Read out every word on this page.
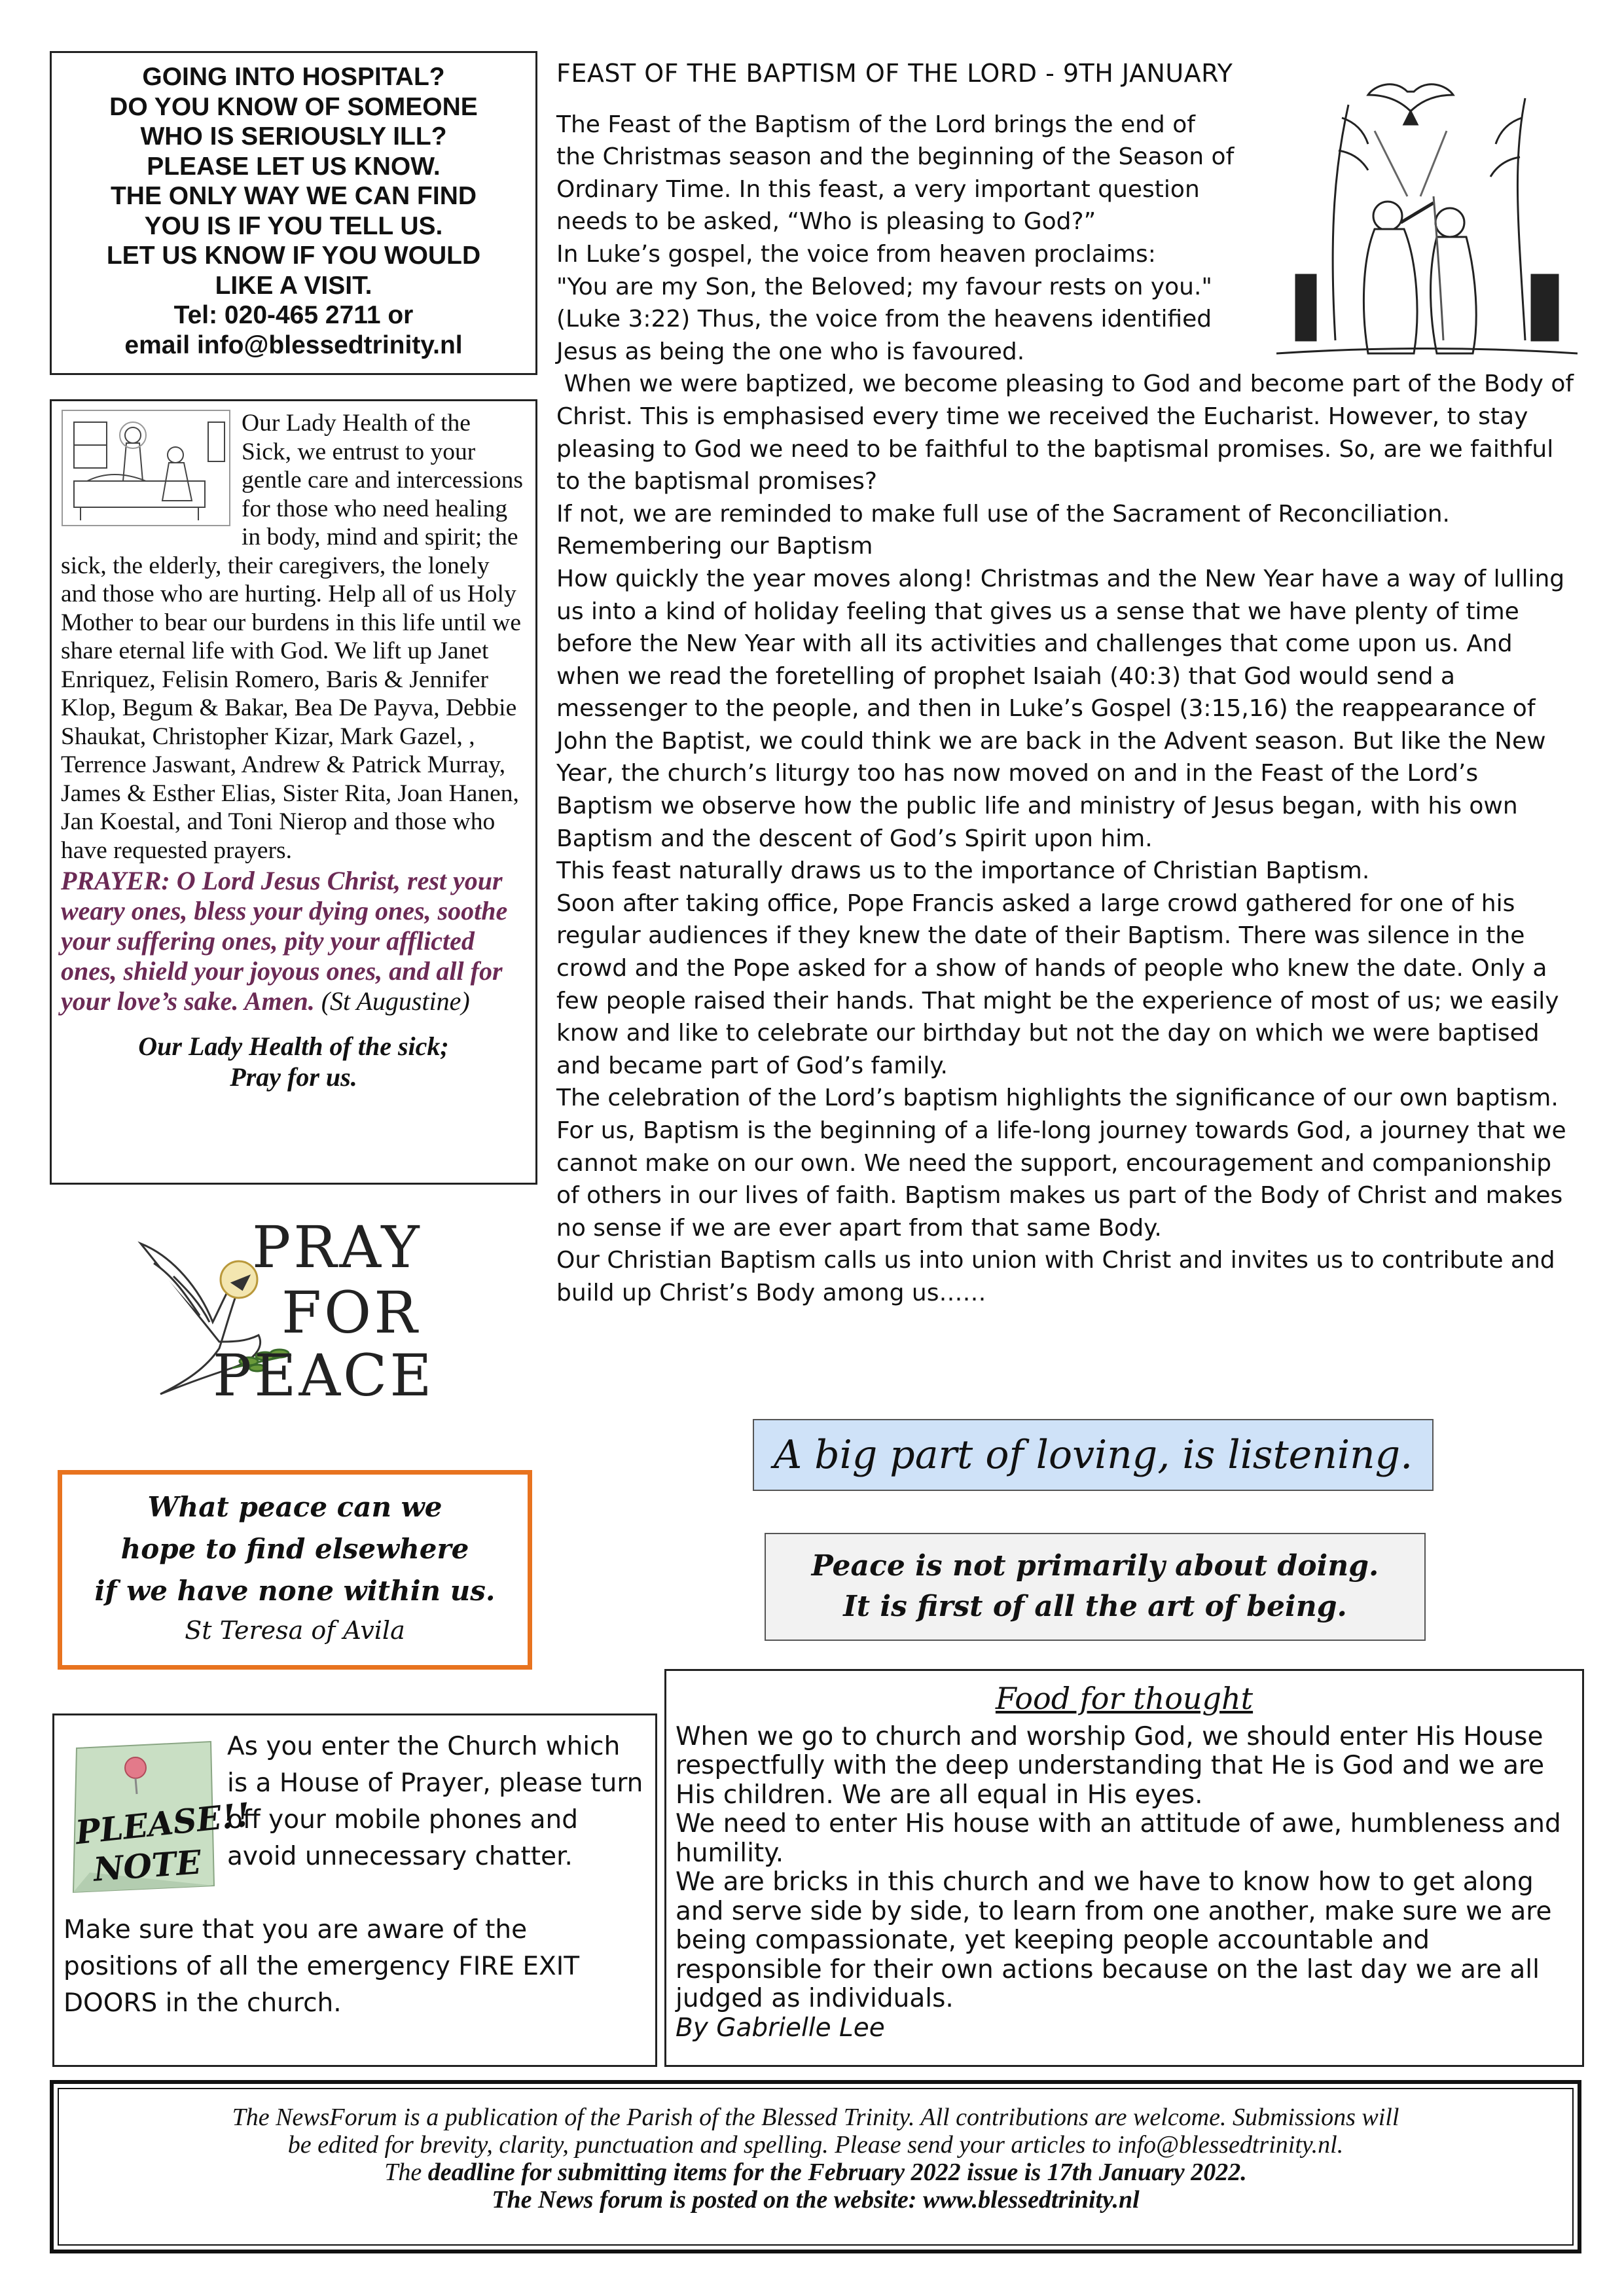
GOING INTO HOSPITAL?
DO YOU KNOW OF SOMEONE
WHO IS SERIOUSLY ILL?
PLEASE LET US KNOW.
THE ONLY WAY WE CAN FIND
YOU IS IF YOU TELL US.
LET US KNOW IF YOU WOULD
LIKE A VISIT.
Tel: 020-465 2711 or
email info@blessedtrinity.nl

Our Lady Health of the Sick, we entrust to your gentle care and intercessions for those who need healing in body, mind and spirit; the sick, the elderly, their caregivers, the lonely and those who are hurting. Help all of us Holy Mother to bear our burdens in this life until we share eternal life with God. We lift up Janet Enriquez, Felisin Romero, Baris & Jennifer Klop, Begum & Bakar, Bea De Payva, Debbie Shaukat, Christopher Kizar, Mark Gazel, , Terrence Jaswant, Andrew & Patrick Murray, James & Esther Elias, Sister Rita, Joan Hanen, Jan Koestal, and Toni Nierop and those who have requested prayers.

PRAYER: O Lord Jesus Christ, rest your weary ones, bless your dying ones, soothe your suffering ones, pity your afflicted ones, shield your joyous ones, and all for your love’s sake. Amen. (St Augustine)

Our Lady Health of the sick;
Pray for us.
PRAY
FOR
PEACE
What peace can we
hope to find elsewhere
if we have none within us.
St Teresa of Avila
FEAST OF THE BAPTISM OF THE LORD - 9TH JANUARY
The Feast of the Baptism of the Lord brings the end of
the Christmas season and the beginning of the Season of
Ordinary Time. In this feast, a very important question
needs to be asked, “Who is pleasing to God?”
In Luke’s gospel, the voice from heaven proclaims:
"You are my Son, the Beloved; my favour rests on you."
(Luke 3:22) Thus, the voice from the heavens identified
Jesus as being the one who is favoured.

When we were baptized, we become pleasing to God and become part of the Body of Christ. This is emphasised every time we received the Eucharist. However, to stay  pleasing to God we need to be faithful to the baptismal promises. So, are we faithful to the baptismal promises?

If not, we are reminded to make full use of the Sacrament of Reconciliation.

Remembering our Baptism

How quickly the year moves along! Christmas and the New Year have a way of lulling us into a kind of holiday feeling that gives us a sense that we have plenty of time before the New Year with all its activities and challenges that come upon us. And when we read the foretelling of prophet Isaiah (40:3) that God would send a messenger to the people, and then in Luke’s Gospel (3:15,16) the reappearance of John the Baptist, we could think we are back in the Advent season. But like the New Year, the church’s liturgy too has now moved on and in the Feast of the Lord’s Baptism we observe how the public life and ministry of Jesus began, with his own Baptism and the descent of God’s Spirit upon him.

This feast naturally draws us to the importance of Christian Baptism.

Soon after taking office, Pope Francis asked a large crowd gathered for one of his regular audiences if they knew the date of their Baptism. There was silence in the crowd and the Pope asked for a show of hands of people who knew the date. Only a few people raised their hands. That might be the experience of most of us; we easily know and like to celebrate our birthday but not the day on which we were baptised and became part of God’s family.

The celebration of the Lord’s baptism highlights the significance of our own baptism.

For us, Baptism is the beginning of a life-long journey towards God, a journey that we cannot make on our own. We need the support, encouragement and companionship of others in our lives of faith. Baptism makes us part of the Body of Christ and makes no sense if we are ever apart from that same Body.

Our Christian Baptism calls us into union with Christ and invites us to contribute and build up Christ’s Body among us……

A big part of loving, is listening.
Peace is not primarily about doing.
It is first of all the art of being.
PLEASE!!
NOTE

As you enter the Church which is a House of Prayer, please turn off your mobile phones and avoid unnecessary chatter.

Make sure that you are aware of the positions of all the emergency FIRE EXIT DOORS in the church.

Food for thought

When we go to church and worship God, we should enter His House respectfully with the deep understanding that He is God and we are His children. We are all equal in His eyes.

We need to enter His house with an attitude of awe, humbleness and humility.

We are bricks in this church and we have to know how to get along and serve side by side, to learn from one another, make sure we are being compassionate, yet keeping people accountable and responsible for their own actions because on the last day we are all judged as individuals.

By Gabrielle Lee

The NewsForum is a publication of the Parish of the Blessed Trinity. All contributions are welcome. Submissions will
be edited for brevity, clarity, punctuation and spelling. Please send your articles to info@blessedtrinity.nl.
The deadline for submitting items for the February 2022 issue is 17th January 2022.
The News forum is posted on the website: www.blessedtrinity.nl
